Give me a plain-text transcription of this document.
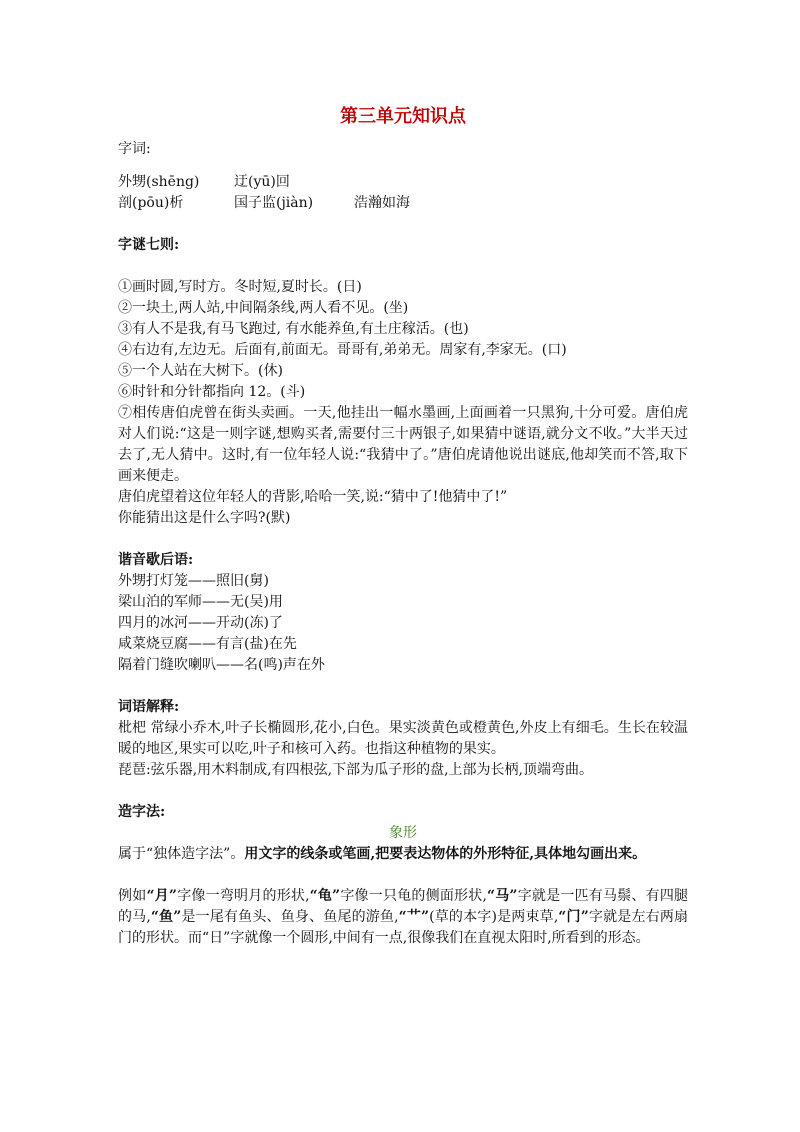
第三单元知识点

字词:

外甥(shēng)	迂(yū)回
剖(pōu)析	国子监(jiàn)	浩瀚如海

字谜七则:

①画时圆,写时方。冬时短,夏时长。(日)

②一块土,两人站,中间隔条线,两人看不见。(坐)

③有人不是我,有马飞跑过, 有水能养鱼,有土庄稼活。(也)

④右边有,左边无。后面有,前面无。哥哥有,弟弟无。周家有,李家无。(口)

⑤一个人站在大树下。(休)

⑥时针和分针都指向 12。(斗)

⑦相传唐伯虎曾在街头卖画。一天,他挂出一幅水墨画,上面画着一只黑狗,十分可爱。唐伯虎对人们说:“这是一则字谜,想购买者,需要付三十两银子,如果猜中谜语,就分文不收。”大半天过去了,无人猜中。这时,有一位年轻人说:“我猜中了。”唐伯虎请他说出谜底,他却笑而不答,取下画来便走。

唐伯虎望着这位年轻人的背影,哈哈一笑,说:“猜中了!他猜中了!”

你能猜出这是什么字吗?(默)

谐音歇后语:

外甥打灯笼——照旧(舅)

梁山泊的军师——无(吴)用

四月的冰河——开动(冻)了

咸菜烧豆腐——有言(盐)在先

隔着门缝吹喇叭——名(鸣)声在外

词语解释:

枇杷 常绿小乔木,叶子长椭圆形,花小,白色。果实淡黄色或橙黄色,外皮上有细毛。生长在较温暖的地区,果实可以吃,叶子和核可入药。也指这种植物的果实。

琵琶:弦乐器,用木料制成,有四根弦,下部为瓜子形的盘,上部为长柄,顶端弯曲。

造字法:

象形

属于“独体造字法”。用文字的线条或笔画,把要表达物体的外形特征,具体地勾画出来。

例如“月”字像一弯明月的形状,“龟”字像一只龟的侧面形状,“马”字就是一匹有马鬃、有四腿的马,“鱼”是一尾有鱼头、鱼身、鱼尾的游鱼,“艹”(草的本字)是两束草,“门”字就是左右两扇门的形状。而“日”字就像一个圆形,中间有一点,很像我们在直视太阳时,所看到的形态。
